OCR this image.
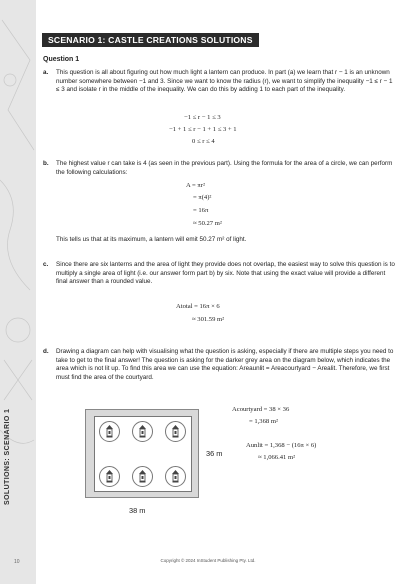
SOLUTIONS: SCENARIO 1
10
SCENARIO 1: CASTLE CREATIONS SOLUTIONS
Question 1
a. This question is all about figuring out how much light a lantern can produce. In part (a) we learn that r − 1 is an unknown number somewhere between −1 and 3. Since we want to know the radius (r), we want to simplify the inequality −1 ≤ r − 1 ≤ 3 and isolate r in the middle of the inequality. We can do this by adding 1 to each part of the inequality.
−1 ≤ r − 1 ≤ 3
−1 + 1 ≤ r − 1 + 1 ≤ 3 + 1
0 ≤ r ≤ 4
b. The highest value r can take is 4 (as seen in the previous part). Using the formula for the area of a circle, we can perform the following calculations:
A = πr²
= π(4)²
= 16π
≈ 50.27 m²
This tells us that at its maximum, a lantern will emit 50.27 m² of light.
c. Since there are six lanterns and the area of light they provide does not overlap, the easiest way to solve this question is to multiply a single area of light (i.e. our answer form part b) by six. Note that using the exact value will provide a different final answer than a rounded value.
Atotal = 16π × 6
≈ 301.59 m²
d. Drawing a diagram can help with visualising what the question is asking, especially if there are multiple steps you need to take to get to the final answer! The question is asking for the darker grey area on the diagram below, which indicates the area which is not lit up. To find this area we can use the equation: Areaunlit = Areacourtyard − Arealit. Therefore, we first must find the area of the courtyard.
36 m
38 m
Acourtyard = 38 × 36
= 1,368 m²
Aunlit = 1,368 − (16π × 6)
≈ 1,066.41 m²
Copyright © 2024 InStudent Publishing Pty. Ltd.
